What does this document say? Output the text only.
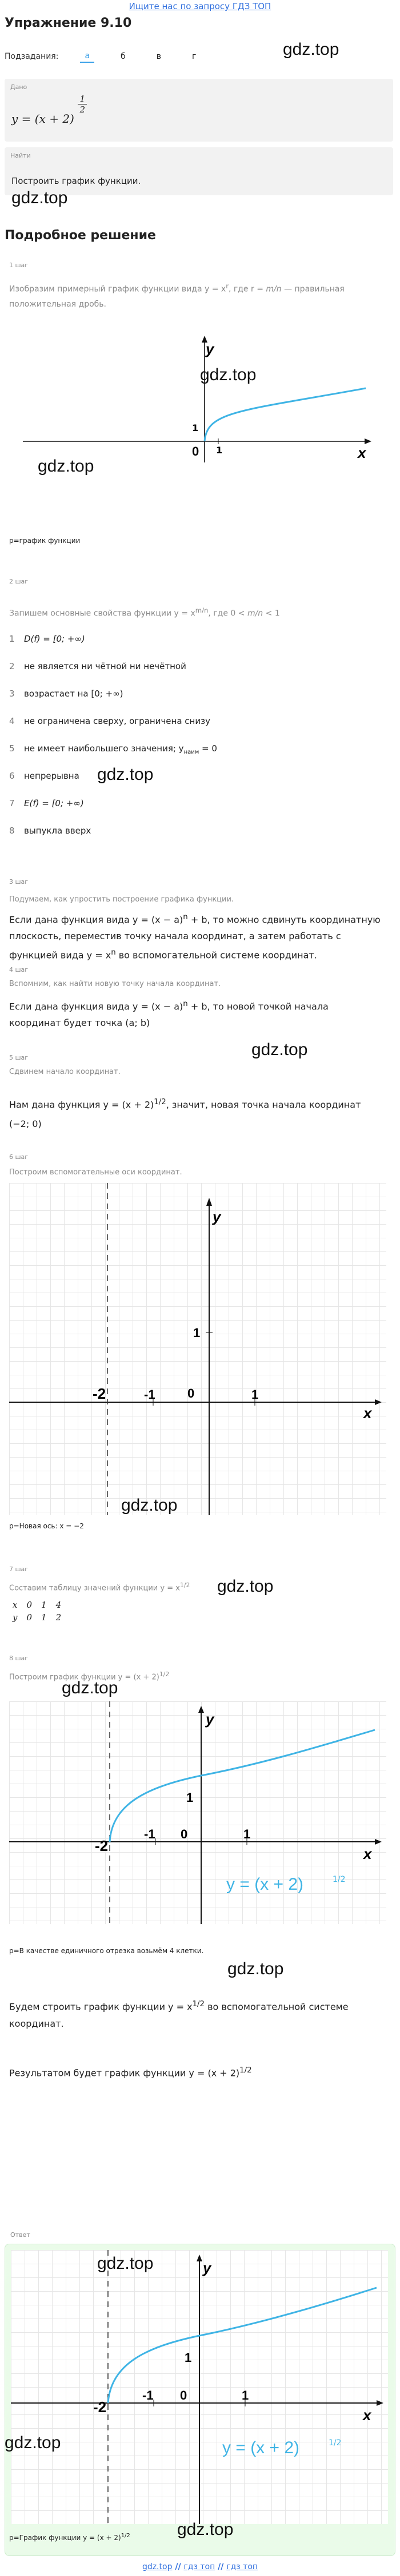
Ищите нас по запросу ГДЗ ТОП
Упражнение 9.10
Подзадания:	а	б	в	г
Дано
$y = (x + 2) \frac{1}{2}$
Найти
Построить график функции.
gdz.top
gdz.top
Подробное решение
1 шаг
Изобразим примерный график функции вида $y = x^r$, где r = m/n — правильная положительная дробь.
y
x
0
1
1
gdz.top
gdz.top
p=график функции
2 шаг
Запишем основные свойства функции $y = x^{m/n}$, где 0 < m/n < 1
1 D(f) = [0; +∞)
2 не является ни чётной ни нечётной
3 возрастает на [0; +∞)
4 не ограничена сверху, ограничена снизу
5 не имеет наибольшего значения; $y_{наим} = 0$
6 непрерывна
7 E(f) = [0; +∞)
8 выпукла вверх
gdz.top
3 шаг
Подумаем, как упростить построение графика функции.
Если дана функция вида $y = (x - a)^n + b$, то можно сдвинуть координатную плоскость, переместив точку начала координат, а затем работать с функцией вида $y = x^n$ во вспомогательной системе координат.
4 шаг
Вспомним, как найти новую точку начала координат.
Если дана функция вида $y = (x - a)^n + b$, то новой точкой начала координат будет точка (a; b)
gdz.top
5 шаг
Сдвинем начало координат.
Нам дана функция $y = (x + 2)^{1/2}$, значит, новая точка начала координат (−2; 0)
6 шаг
Построим вспомогательные оси координат.
y
x
0
1
1
-1
-2
p=Новая ось: x = −2
gdz.top
7 шаг
Составим таблицу значений функции $y = x^{1/2}$ gdz.top
x	0	1	4
y	0	1	2
8 шаг
Построим график функции $y = (x + 2)^{1/2}$
gdz.top
y
x
0
1
1
-1
-2
y = (x + 2)	1/2
p=В качестве единичного отрезка возьмём 4 клетки.
Будем строить график функции $y = x^{1/2}$ во вспомогательной системе координат.
gdz.top
Результатом будет график функции $y = (x + 2)^{1/2}$
Ответ
y
x
0
1
1
-1
-2
y = (x + 2)	1/2
gdz.top
gdz.top
p=График функции $y = (x + 2)^{1/2}$	gdz.top
gdz.top // гдз топ // гдз топ
